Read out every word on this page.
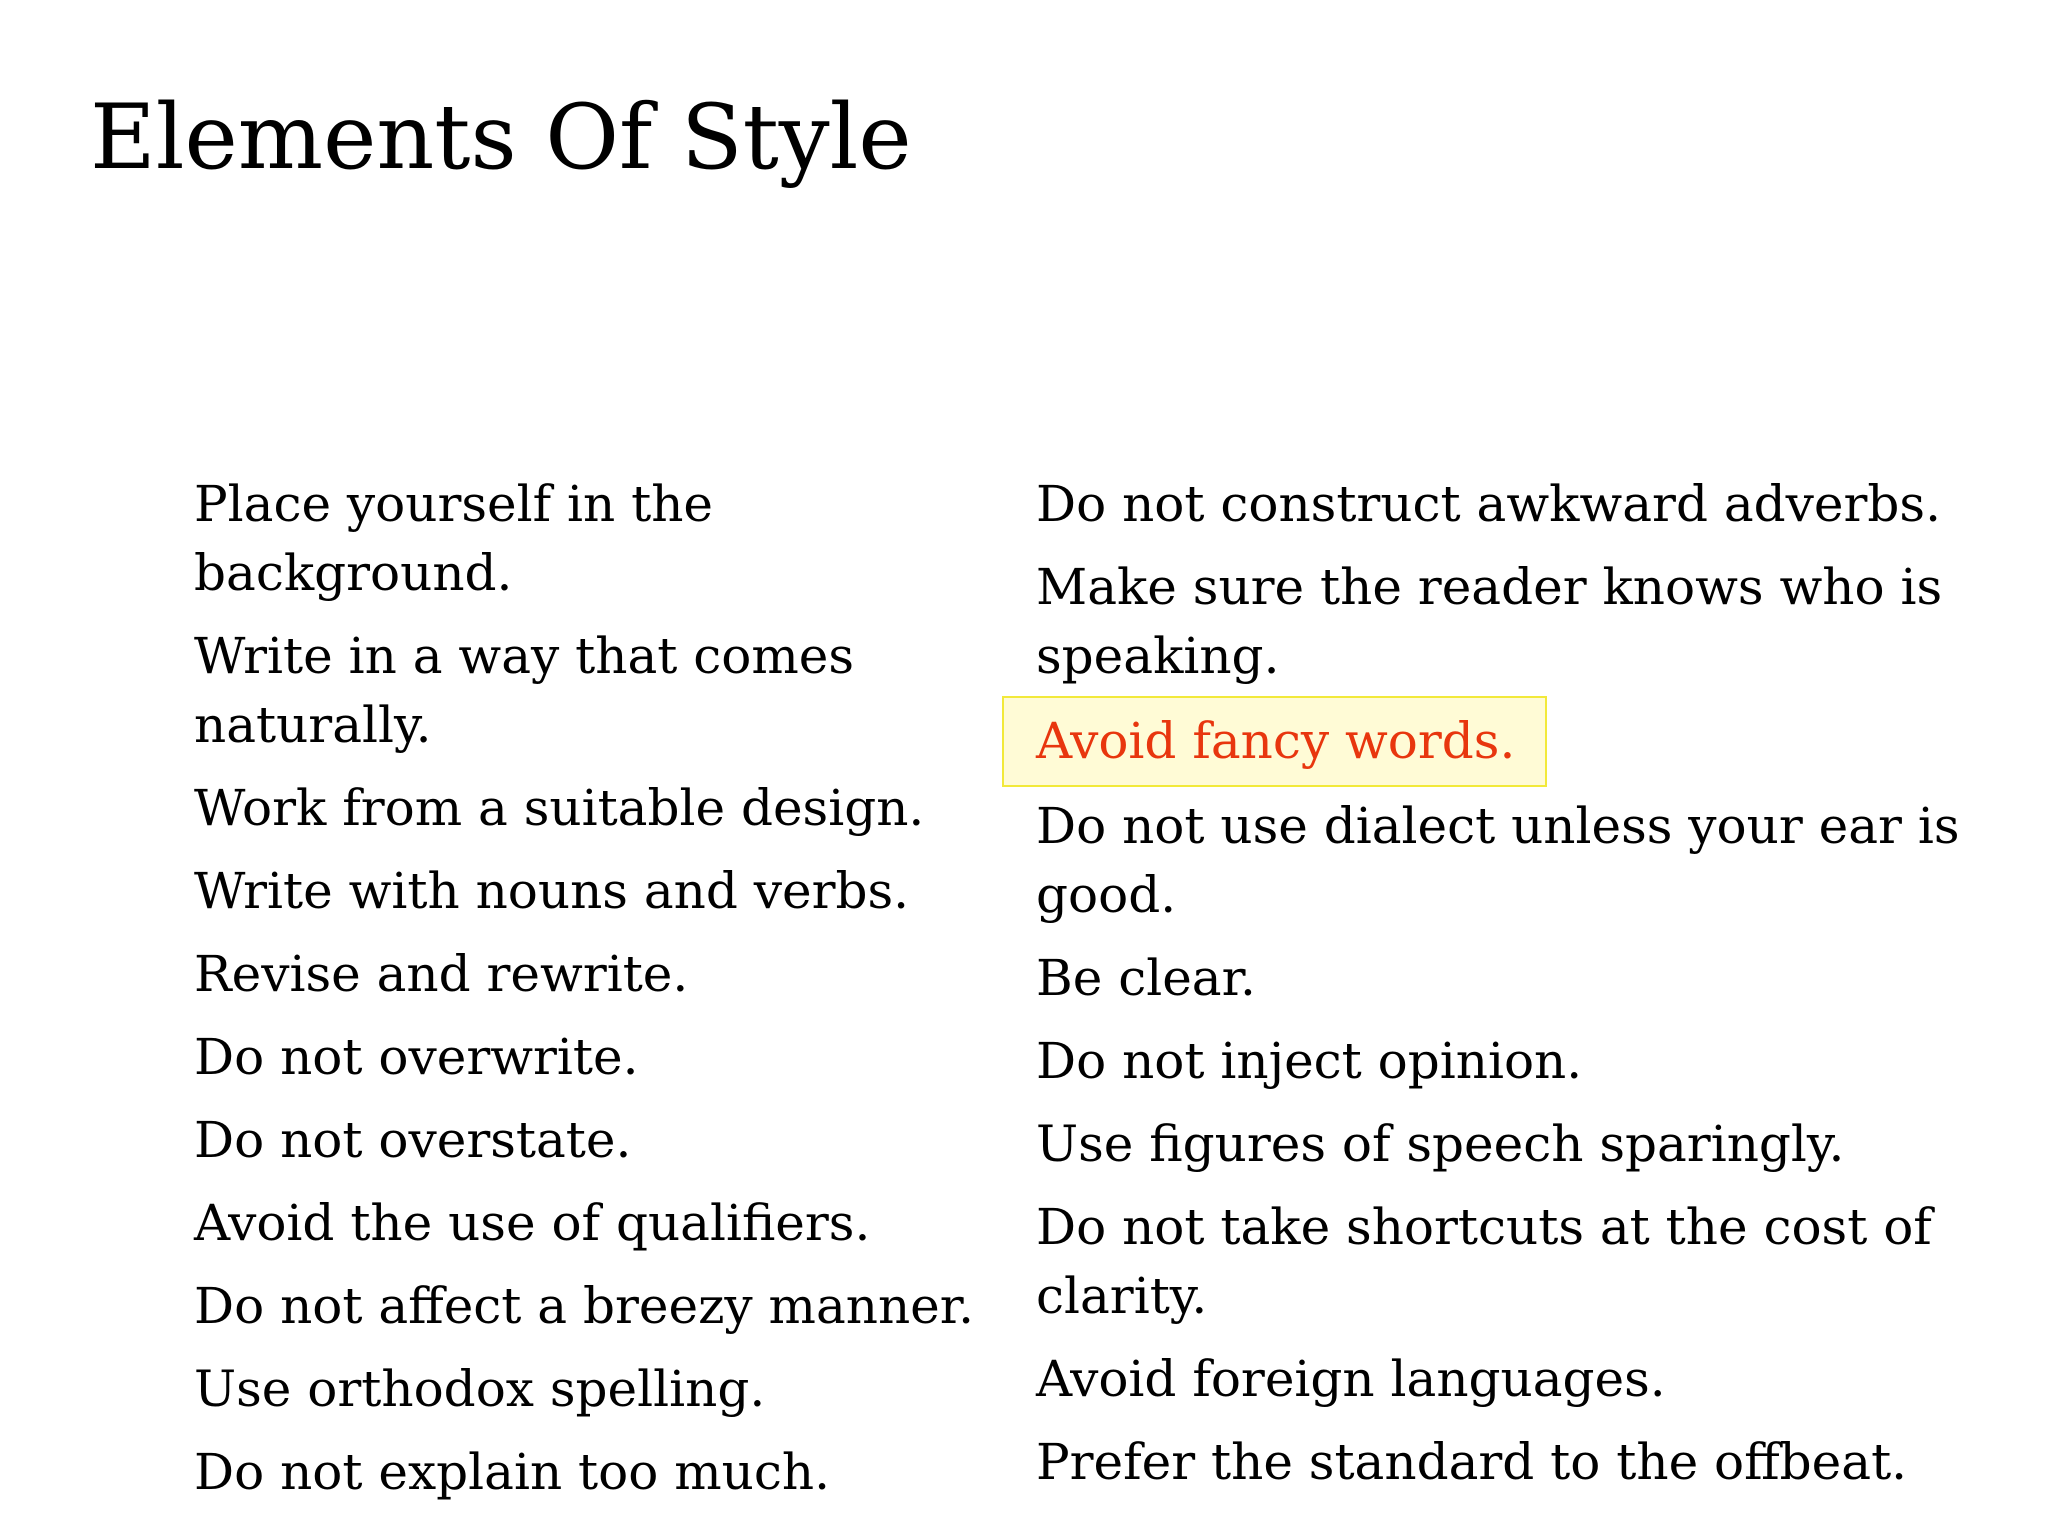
Elements Of Style
Place yourself in the background.
Write in a way that comes naturally.
Work from a suitable design.
Write with nouns and verbs.
Revise and rewrite.
Do not overwrite.
Do not overstate.
Avoid the use of qualifiers.
Do not affect a breezy manner.
Use orthodox spelling.
Do not explain too much.
Do not construct awkward adverbs.
Make sure the reader knows who is speaking.
Avoid fancy words.
Do not use dialect unless your ear is good.
Be clear.
Do not inject opinion.
Use figures of speech sparingly.
Do not take shortcuts at the cost of clarity.
Avoid foreign languages.
Prefer the standard to the offbeat.
